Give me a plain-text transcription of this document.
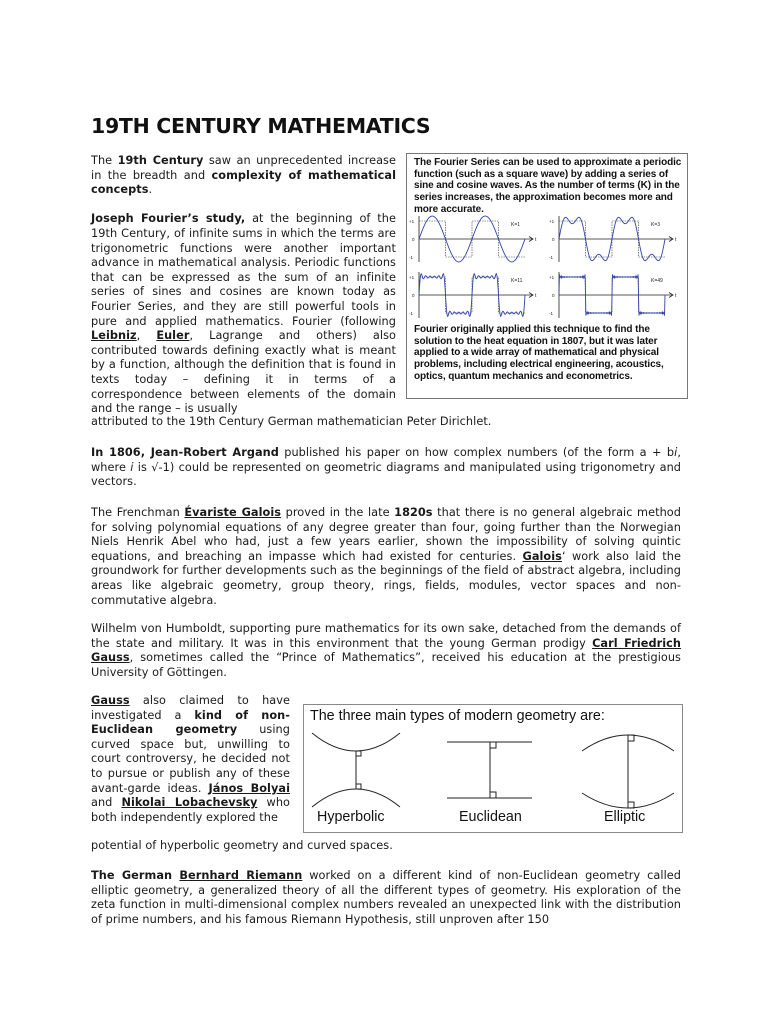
19TH CENTURY MATHEMATICS

The 19th Century saw an unprecedented increase in the breadth and complexity of mathematical concepts.

Joseph Fourier’s study, at the beginning of the 19th Century, of infinite sums in which the terms are trigonometric functions were another important advance in mathematical analysis. Periodic functions that can be expressed as the sum of an infinite series of sines and cosines are known today as Fourier Series, and they are still powerful tools in pure and applied mathematics. Fourier (following Leibniz, Euler, Lagrange and others) also contributed towards defining exactly what is meant by a function, although the definition that is found in texts today – defining it in terms of a correspondence between elements of the domain and the range – is usually

attributed to the 19th Century German mathematician Peter Dirichlet.

In 1806, Jean-Robert Argand published his paper on how complex numbers (of the form a + bi, where i is √-1) could be represented on geometric diagrams and manipulated using trigonometry and vectors.

The Frenchman Évariste Galois proved in the late 1820s that there is no general algebraic method for solving polynomial equations of any degree greater than four, going further than the Norwegian Niels Henrik Abel who had, just a few years earlier, shown the impossibility of solving quintic equations, and breaching an impasse which had existed for centuries. Galois‘ work also laid the groundwork for further developments such as the beginnings of the field of abstract algebra, including areas like algebraic geometry, group theory, rings, fields, modules, vector spaces and non-commutative algebra.

Wilhelm von Humboldt, supporting pure mathematics for its own sake, detached from the demands of the state and military. It was in this environment that the young German prodigy Carl Friedrich Gauss, sometimes called the “Prince of Mathematics”, received his education at the prestigious University of Göttingen.

Gauss also claimed to have investigated a kind of non-Euclidean geometry using curved space but, unwilling to court controversy, he decided not to pursue or publish any of these avant-garde ideas. János Bolyai and Nikolai Lobachevsky who both independently explored the

potential of hyperbolic geometry and curved spaces.

The German Bernhard Riemann worked on a different kind of non-Euclidean geometry called elliptic geometry, a generalized theory of all the different types of geometry. His exploration of the zeta function in multi-dimensional complex numbers revealed an unexpected link with the distribution of prime numbers, and his famous Riemann Hypothesis, still unproven after 150

The Fourier Series can be used to approximate a periodic function (such as a square wave) by adding a series of sine and cosine waves. As the number of terms (K) in the series increases, the approximation becomes more and more accurate.
K=1
t
+1
0
-1
K=3
t
+1
0
-1
K=11
t
+1
0
-1
K=49
t
+1
0
-1
Fourier originally applied this technique to find the solution to the heat equation in 1807, but it was later applied to a wide array of mathematical and physical problems, including electrical engineering, acoustics, optics, quantum mechanics and econometrics.
The three main types of modern geometry are:
Hyperbolic	Euclidean	Elliptic
